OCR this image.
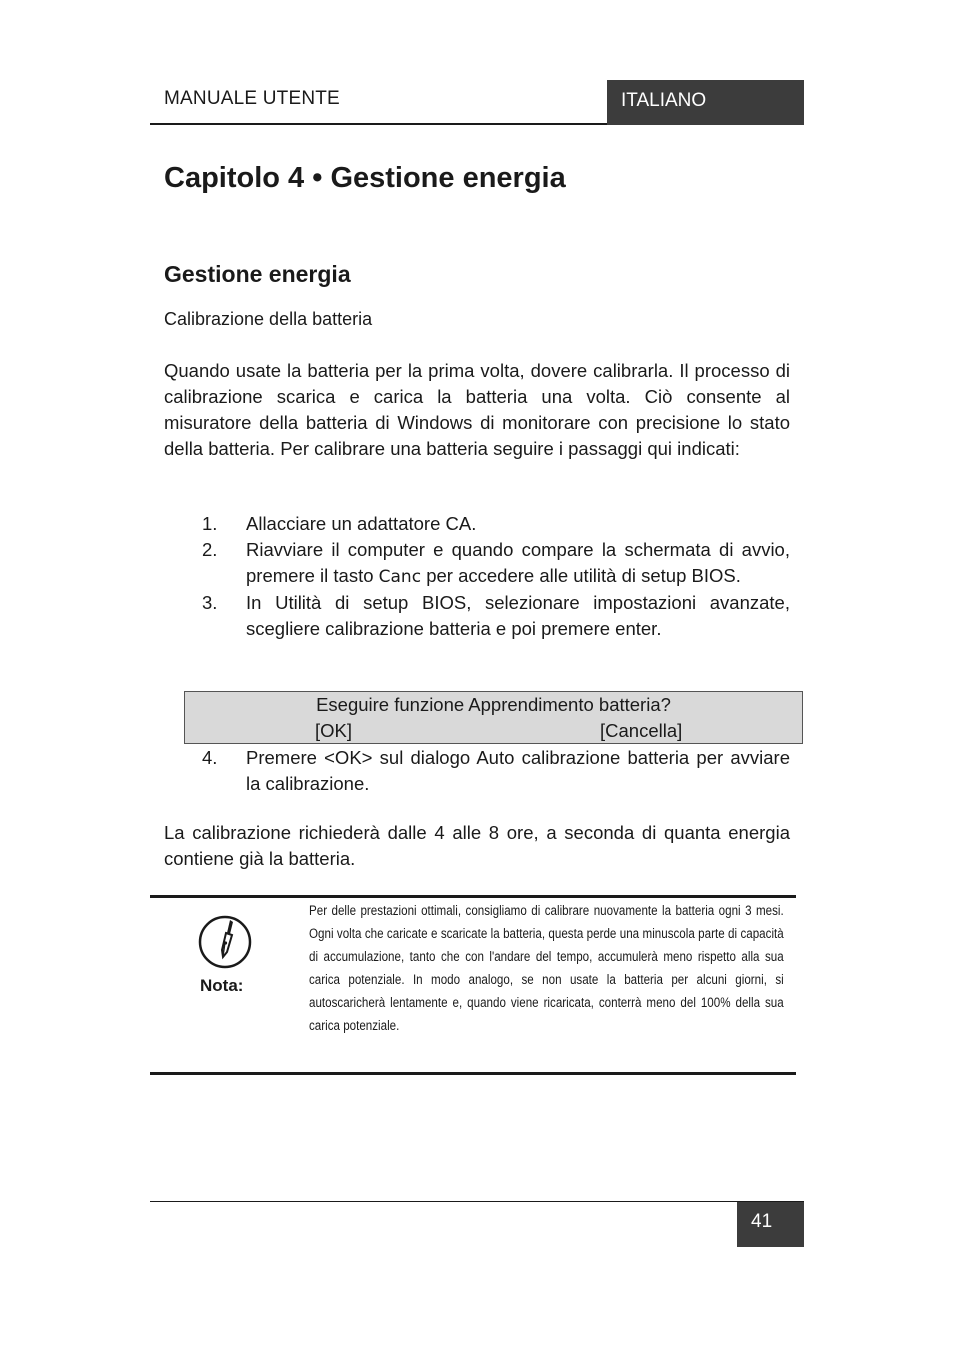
MANUALE UTENTE	ITALIANO
Capitolo 4 • Gestione energia
Gestione energia
Calibrazione della batteria
Quando usate la batteria per la prima volta, dovere calibrarla. Il processo di calibrazione scarica e carica la batteria una volta. Ciò consente al misuratore della batteria di Windows di monitorare con precisione lo stato della batteria. Per calibrare una batteria seguire i passaggi qui indicati:
1. Allacciare un adattatore CA.
2. Riavviare il computer e quando compare la schermata di avvio, premere il tasto Canc per accedere alle utilità di setup BIOS.
3. In Utilità di setup BIOS, selezionare impostazioni avanzate, scegliere calibrazione batteria e poi premere enter.
Eseguire funzione Apprendimento batteria?
[OK]	[Cancella]
4. Premere <OK> sul dialogo Auto calibrazione batteria per avviare la calibrazione.
La calibrazione richiederà dalle 4 alle 8 ore, a seconda di quanta energia contiene già la batteria.
Nota:
Per delle prestazioni ottimali, consigliamo di calibrare nuovamente la batteria ogni 3 mesi. Ogni volta che caricate e scaricate la batteria, questa perde una minuscola parte di capacità di accumulazione, tanto che con l'andare del tempo, accumulerà meno rispetto alla sua carica potenziale. In modo analogo, se non usate la batteria per alcuni giorni, si autoscaricherà lentamente e, quando viene ricaricata, conterrà meno del 100% della sua carica potenziale.
41
